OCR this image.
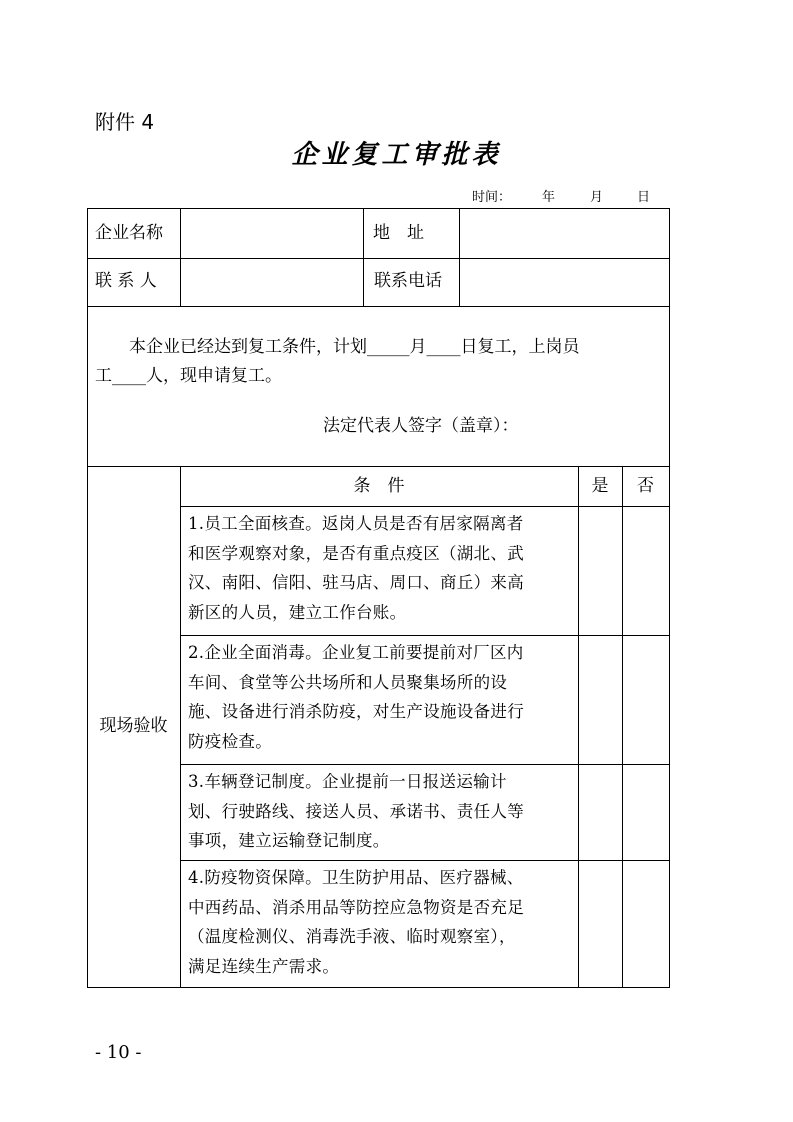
附件 4
企业复工审批表
时间： 年	月	日
企业名称	地　址
联 系 人	联系电话
　　本企业已经达到复工条件，计划_____月____日复工，上岗员
工____人，现申请复工。
法定代表人签字（盖章）：
现场验收
条　件	是	否
1.员工全面核查。返岗人员是否有居家隔离者
和医学观察对象，是否有重点疫区（湖北、武
汉、南阳、信阳、驻马店、周口、商丘）来高
新区的人员，建立工作台账。
2.企业全面消毒。企业复工前要提前对厂区内
车间、食堂等公共场所和人员聚集场所的设
施、设备进行消杀防疫，对生产设施设备进行
防疫检查。
3.车辆登记制度。企业提前一日报送运输计
划、行驶路线、接送人员、承诺书、责任人等
事项，建立运输登记制度。
4.防疫物资保障。卫生防护用品、医疗器械、
中西药品、消杀用品等防控应急物资是否充足
（温度检测仪、消毒洗手液、临时观察室），
满足连续生产需求。
- 10 -
